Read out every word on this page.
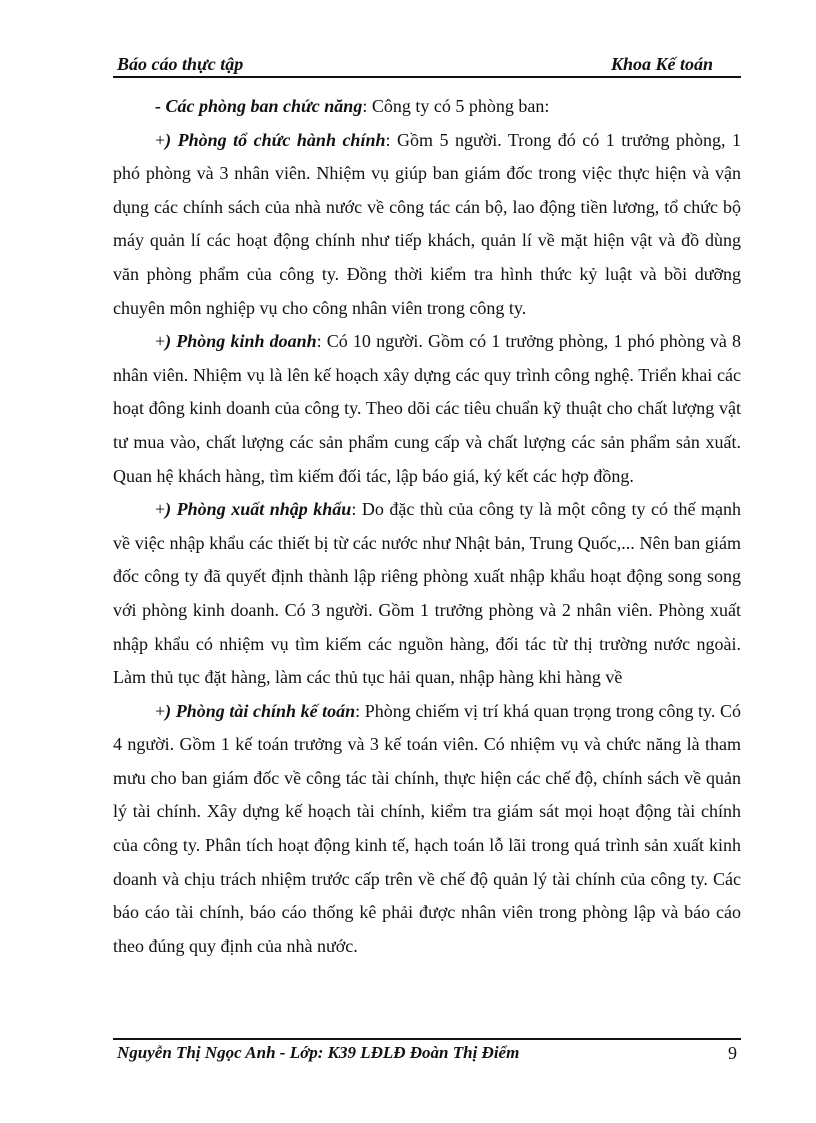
Báo cáo thực tập	Khoa Kế toán

- Các phòng ban chức năng: Công ty có 5 phòng ban:

+) Phòng tổ chức hành chính: Gồm 5 người. Trong đó có 1 trưởng phòng, 1 phó phòng và 3 nhân viên. Nhiệm vụ giúp ban giám đốc trong việc thực hiện và vận dụng các chính sách của nhà nước về công tác cán bộ, lao động tiền lương, tổ chức bộ máy quản lí các hoạt động chính như tiếp khách, quản lí về mặt hiện vật và đồ dùng văn phòng phẩm của công ty. Đồng thời kiểm tra hình thức kỷ luật và bồi dưỡng chuyên môn nghiệp vụ cho công nhân viên trong công ty.

+) Phòng kinh doanh: Có 10 người. Gồm có 1 trưởng phòng, 1 phó phòng và 8 nhân viên. Nhiệm vụ là lên kế hoạch xây dựng các quy trình công nghệ. Triển khai các hoạt đông kinh doanh của công ty. Theo dõi các tiêu chuẩn kỹ thuật cho chất lượng vật tư mua vào, chất lượng các sản phẩm cung cấp và chất lượng các sản phẩm sản xuất. Quan hệ khách hàng, tìm kiếm đối tác, lập báo giá, ký kết các hợp đồng.

+) Phòng xuất nhập khẩu: Do đặc thù của công ty là một công ty có thế mạnh về việc nhập khẩu các thiết bị từ các nước như Nhật bản, Trung Quốc,... Nên ban giám đốc công ty đã quyết định thành lập riêng phòng xuất nhập khẩu hoạt động song song với phòng kinh doanh. Có 3 người. Gồm 1 trưởng phòng và 2 nhân viên. Phòng xuất nhập khẩu có nhiệm vụ tìm kiếm các nguồn hàng, đối tác từ thị trường nước ngoài. Làm thủ tục đặt hàng, làm các thủ tục hải quan, nhập hàng khi hàng về

+) Phòng tài chính kế toán: Phòng chiếm vị trí khá quan trọng trong công ty. Có 4 người. Gồm 1 kế toán trưởng và 3 kế toán viên. Có nhiệm vụ và chức năng là tham mưu cho ban giám đốc về công tác tài chính, thực hiện các chế độ, chính sách về quản lý tài chính. Xây dựng kế hoạch tài chính, kiểm tra giám sát mọi hoạt động tài chính của công ty. Phân tích hoạt động kinh tế, hạch toán lỗ lãi trong quá trình sản xuất kinh doanh và chịu trách nhiệm trước cấp trên về chế độ quản lý tài chính của công ty. Các báo cáo tài chính, báo cáo thống kê phải được nhân viên trong phòng lập và báo cáo theo đúng quy định của nhà nước.

Nguyễn Thị Ngọc Anh - Lớp: K39 LĐLĐ Đoàn Thị Điểm	9
